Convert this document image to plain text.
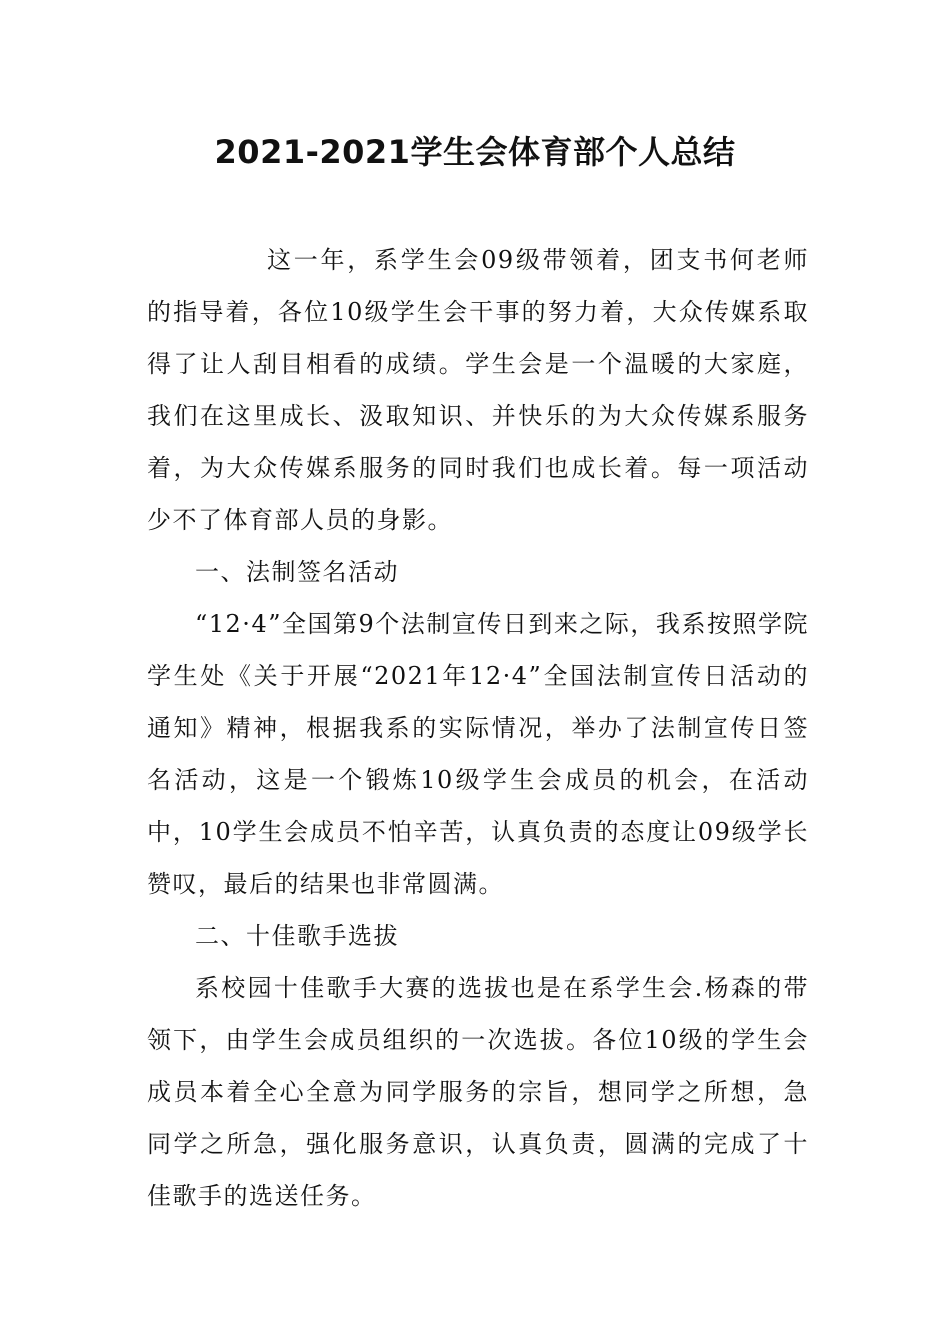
2021-2021学生会体育部个人总结

这一年，系学生会09级带领着，团支书何老师的指导着，各位10级学生会干事的努力着，大众传媒系取得了让人刮目相看的成绩。学生会是一个温暖的大家庭，我们在这里成长、汲取知识、并快乐的为大众传媒系服务着，为大众传媒系服务的同时我们也成长着。每一项活动少不了体育部人员的身影。

一、法制签名活动

“12·4”全国第9个法制宣传日到来之际，我系按照学院学生处《关于开展“2021年12·4”全国法制宣传日活动的通知》精神，根据我系的实际情况，举办了法制宣传日签名活动，这是一个锻炼10级学生会成员的机会，在活动中，10学生会成员不怕辛苦，认真负责的态度让09级学长赞叹，最后的结果也非常圆满。

二、十佳歌手选拔

系校园十佳歌手大赛的选拔也是在系学生会.杨森的带领下，由学生会成员组织的一次选拔。各位10级的学生会成员本着全心全意为同学服务的宗旨，想同学之所想，急同学之所急，强化服务意识，认真负责，圆满的完成了十佳歌手的选送任务。
